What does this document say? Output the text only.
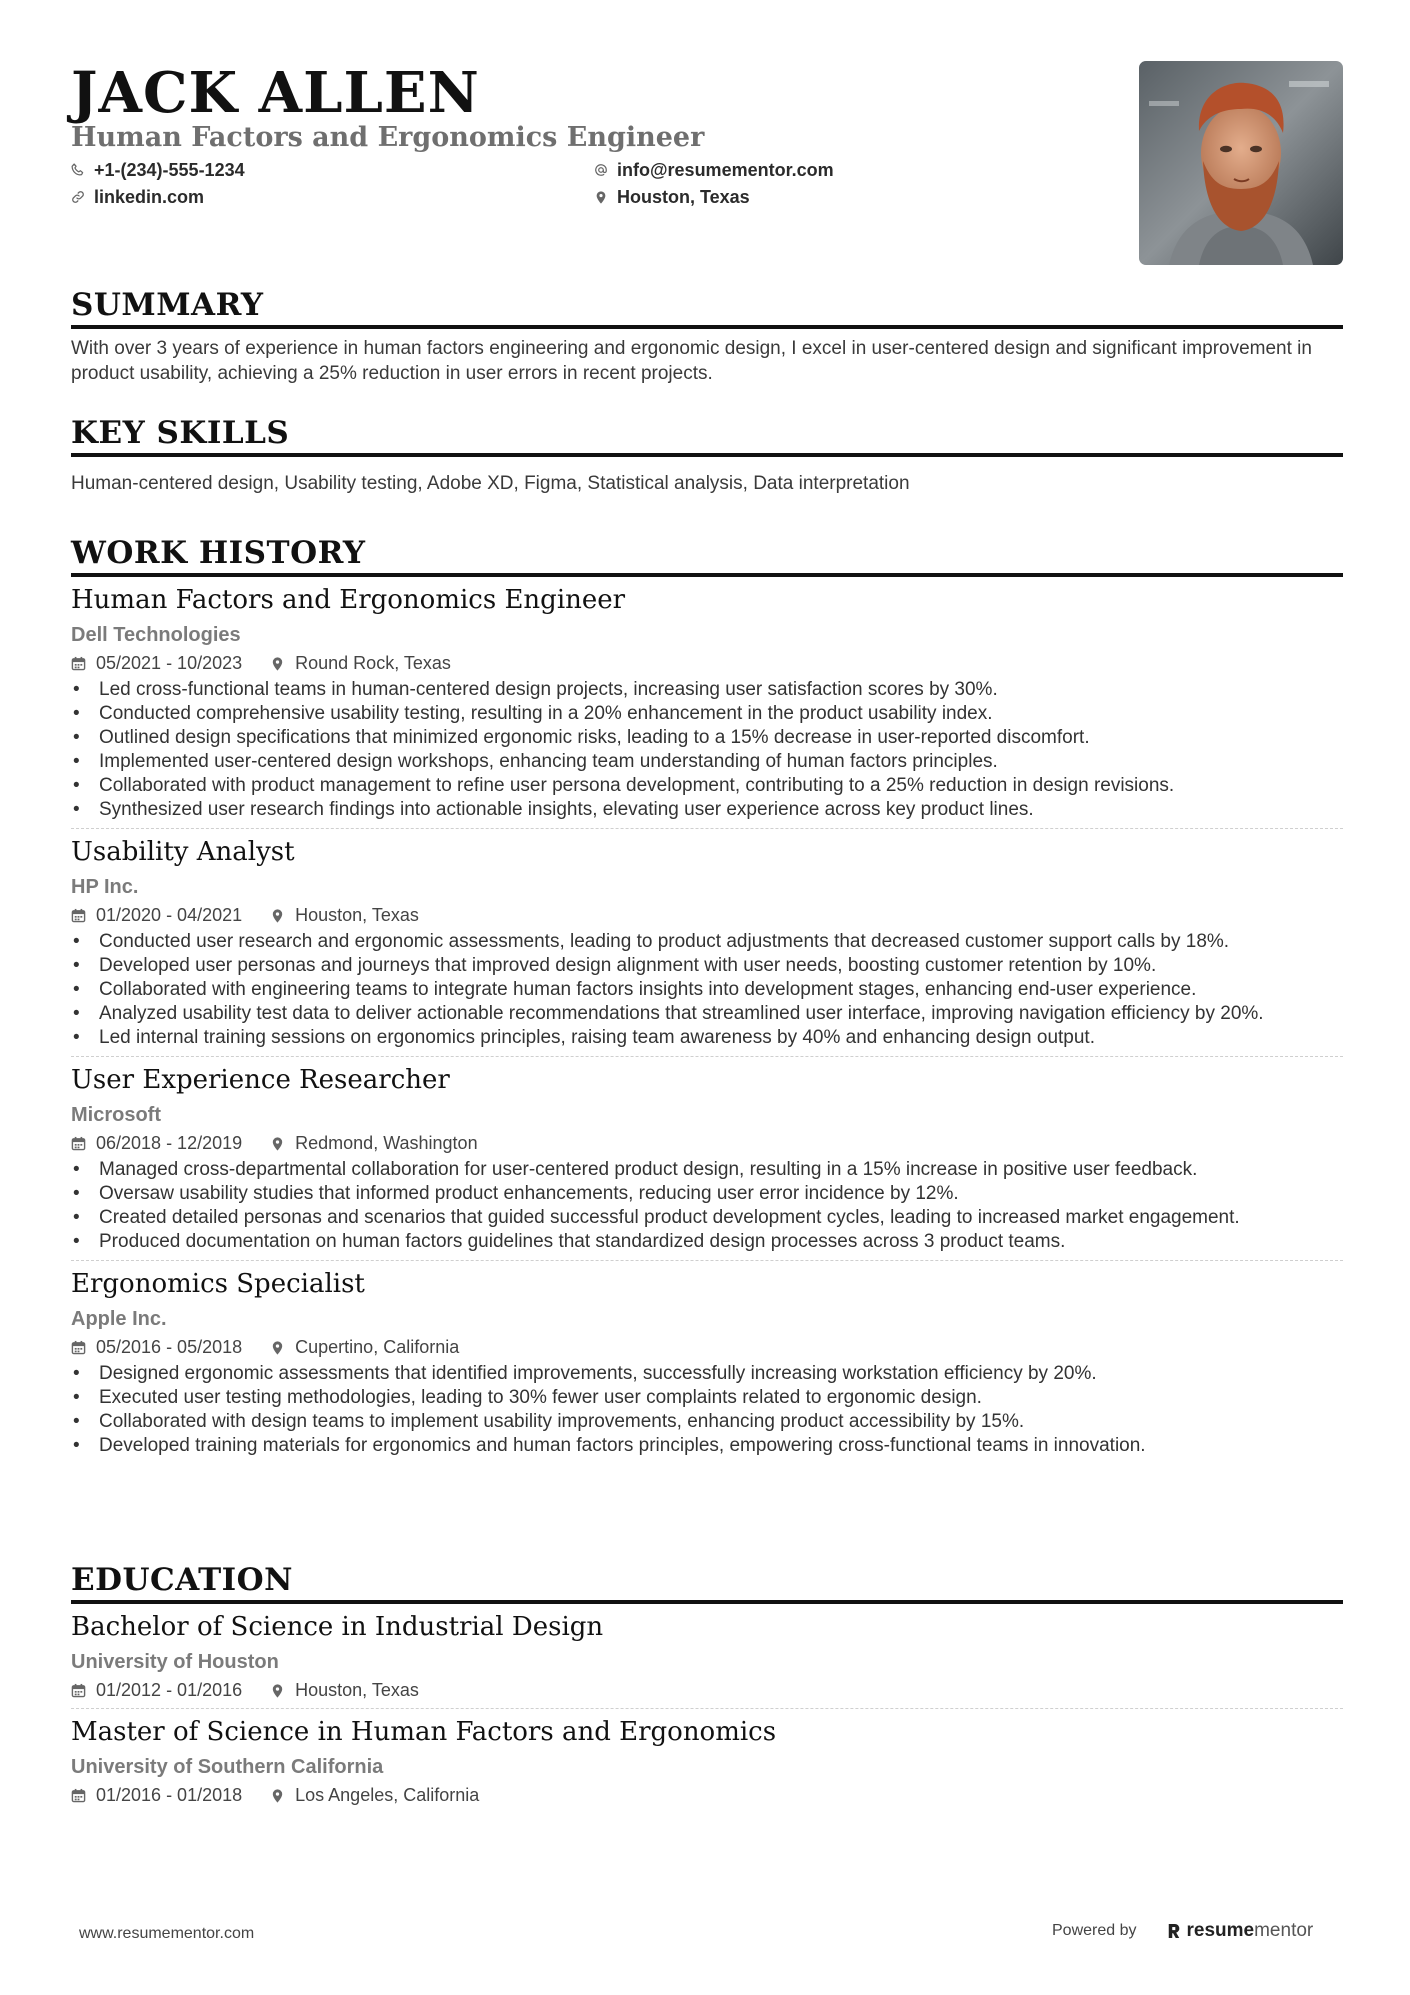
JACK ALLEN
Human Factors and Ergonomics Engineer
+1-(234)-555-1234	info@resumementor.com
linkedin.com	Houston, Texas
SUMMARY
With over 3 years of experience in human factors engineering and ergonomic design, I excel in user-centered design and significant improvement in product usability, achieving a 25% reduction in user errors in recent projects.
KEY SKILLS
Human-centered design, Usability testing, Adobe XD, Figma, Statistical analysis, Data interpretation
WORK HISTORY
Human Factors and Ergonomics Engineer
Dell Technologies
05/2021 - 10/2023	Round Rock, Texas
• Led cross-functional teams in human-centered design projects, increasing user satisfaction scores by 30%.
• Conducted comprehensive usability testing, resulting in a 20% enhancement in the product usability index.
• Outlined design specifications that minimized ergonomic risks, leading to a 15% decrease in user-reported discomfort.
• Implemented user-centered design workshops, enhancing team understanding of human factors principles.
• Collaborated with product management to refine user persona development, contributing to a 25% reduction in design revisions.
• Synthesized user research findings into actionable insights, elevating user experience across key product lines.
Usability Analyst
HP Inc.
01/2020 - 04/2021	Houston, Texas
• Conducted user research and ergonomic assessments, leading to product adjustments that decreased customer support calls by 18%.
• Developed user personas and journeys that improved design alignment with user needs, boosting customer retention by 10%.
• Collaborated with engineering teams to integrate human factors insights into development stages, enhancing end-user experience.
• Analyzed usability test data to deliver actionable recommendations that streamlined user interface, improving navigation efficiency by 20%.
• Led internal training sessions on ergonomics principles, raising team awareness by 40% and enhancing design output.
User Experience Researcher
Microsoft
06/2018 - 12/2019	Redmond, Washington
• Managed cross-departmental collaboration for user-centered product design, resulting in a 15% increase in positive user feedback.
• Oversaw usability studies that informed product enhancements, reducing user error incidence by 12%.
• Created detailed personas and scenarios that guided successful product development cycles, leading to increased market engagement.
• Produced documentation on human factors guidelines that standardized design processes across 3 product teams.
Ergonomics Specialist
Apple Inc.
05/2016 - 05/2018	Cupertino, California
• Designed ergonomic assessments that identified improvements, successfully increasing workstation efficiency by 20%.
• Executed user testing methodologies, leading to 30% fewer user complaints related to ergonomic design.
• Collaborated with design teams to implement usability improvements, enhancing product accessibility by 15%.
• Developed training materials for ergonomics and human factors principles, empowering cross-functional teams in innovation.
EDUCATION
Bachelor of Science in Industrial Design
University of Houston
01/2012 - 01/2016	Houston, Texas
Master of Science in Human Factors and Ergonomics
University of Southern California
01/2016 - 01/2018	Los Angeles, California
www.resumementor.com	Powered by	resume mentor
